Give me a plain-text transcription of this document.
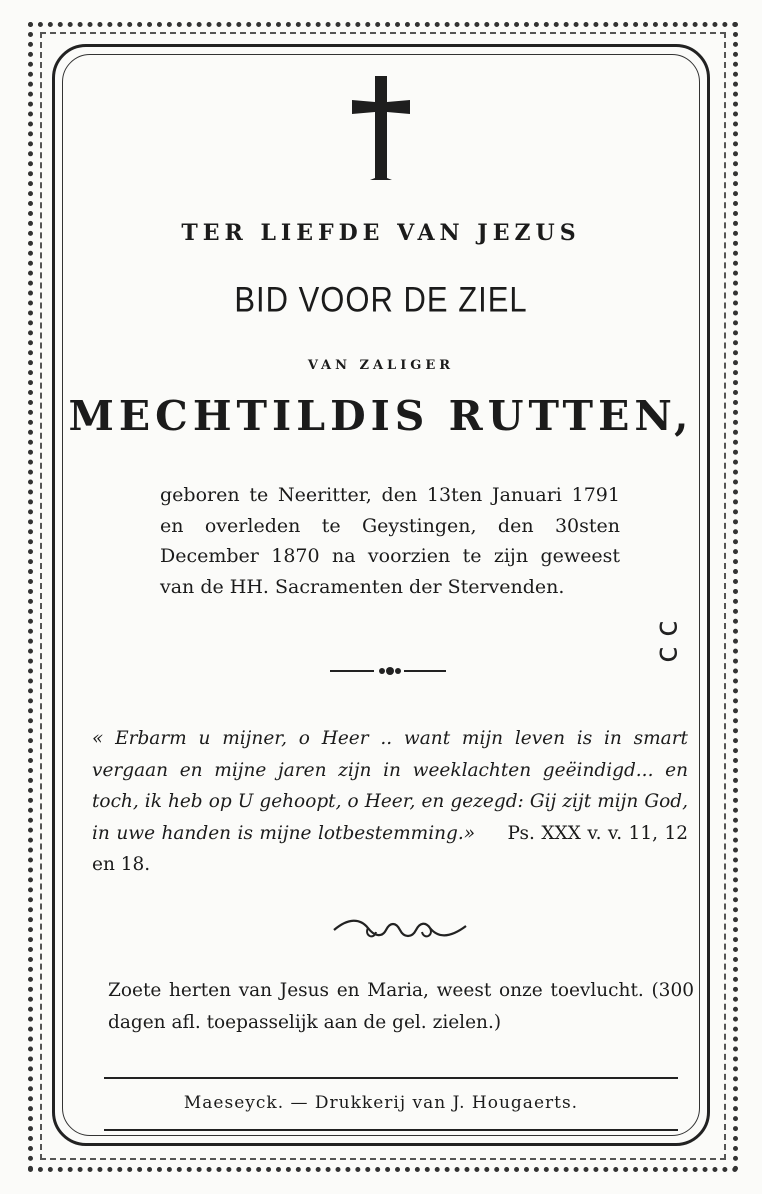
TER LIEFDE VAN JEZUS
BID VOOR DE ZIEL
VAN ZALIGER
MECHTILDIS RUTTEN,
geboren te Neeritter, den 13ten Januari 1791 en overleden te Geystingen, den 30sten December 1870 na voorzien te zijn geweest van de HH. Sacramenten der Stervenden.
« Erbarm u mijner, o Heer .. want mijn leven is in smart vergaan en mijne jaren zijn in weeklachten geëindigd... en toch, ik heb op U gehoopt, o Heer, en gezegd: Gij zijt mijn God, in uwe handen is mijne lotbestemming.» Ps. XXX v. v. 11, 12 en 18.
Zoete herten van Jesus en Maria, weest onze toevlucht. (300 dagen afl. toepasselijk aan de gel. zielen.)
Maeseyck. — Drukkerij van J. Hougaerts.
ɔ ɔ
